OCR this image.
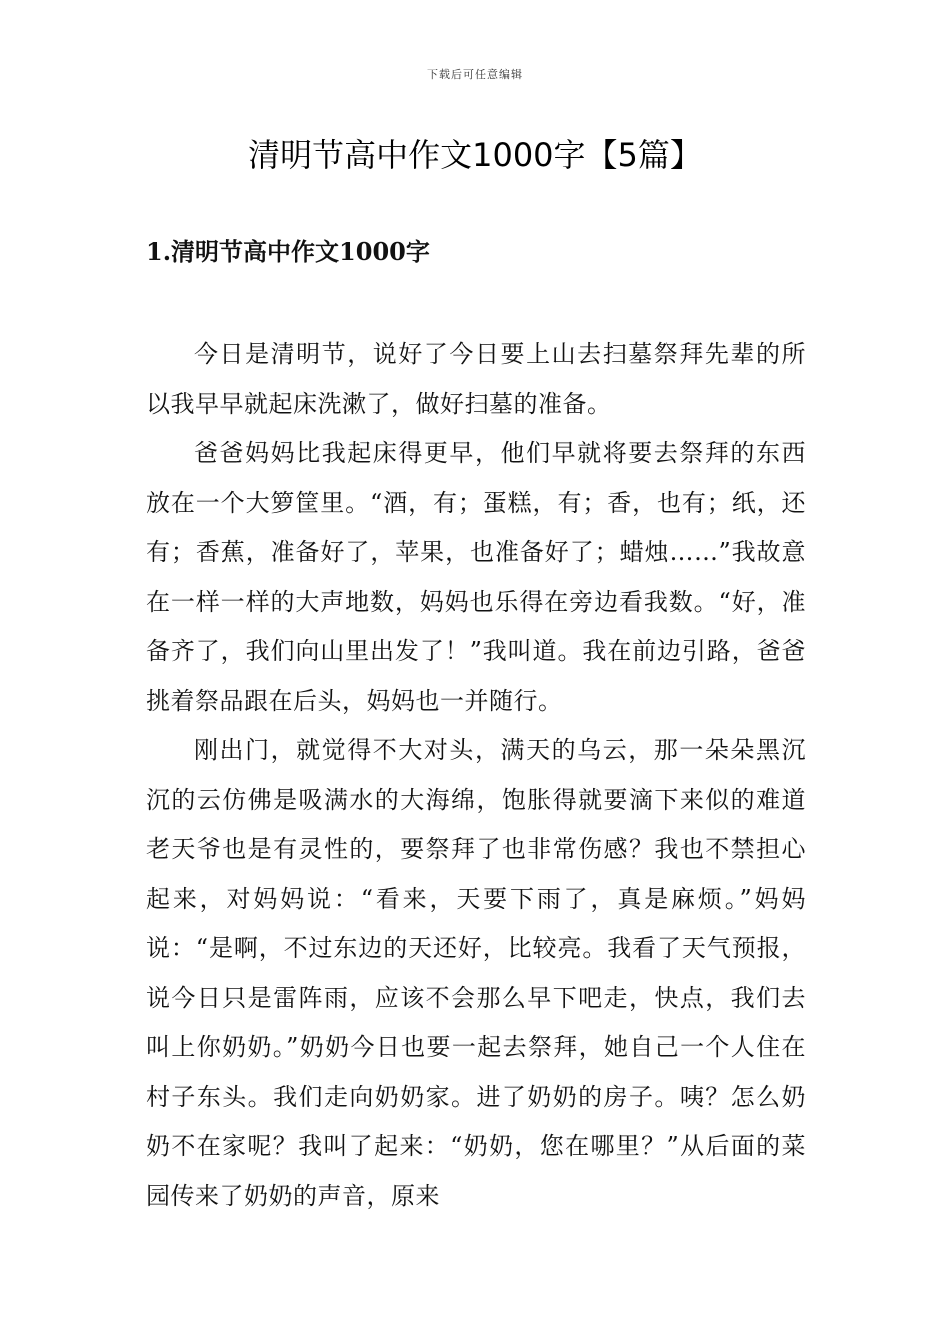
下载后可任意编辑
清明节高中作文1000字【5篇】
1.清明节高中作文1000字

今日是清明节，说好了今日要上山去扫墓祭拜先辈的所以我早早就起床洗漱了，做好扫墓的准备。

爸爸妈妈比我起床得更早，他们早就将要去祭拜的东西放在一个大箩筐里。“酒，有；蛋糕，有；香，也有；纸，还有；香蕉，准备好了，苹果，也准备好了；蜡烛……”我故意在一样一样的大声地数，妈妈也乐得在旁边看我数。“好，准备齐了，我们向山里出发了！”我叫道。我在前边引路，爸爸挑着祭品跟在后头，妈妈也一并随行。

刚出门，就觉得不大对头，满天的乌云，那一朵朵黑沉沉的云仿佛是吸满水的大海绵，饱胀得就要滴下来似的难道老天爷也是有灵性的，要祭拜了也非常伤感？我也不禁担心起来，对妈妈说：“看来，天要下雨了，真是麻烦。”妈妈说：“是啊，不过东边的天还好，比较亮。我看了天气预报，说今日只是雷阵雨，应该不会那么早下吧走，快点，我们去叫上你奶奶。”奶奶今日也要一起去祭拜，她自己一个人住在村子东头。我们走向奶奶家。进了奶奶的房子。咦？怎么奶奶不在家呢？我叫了起来：“奶奶，您在哪里？”从后面的菜园传来了奶奶的声音，原来
